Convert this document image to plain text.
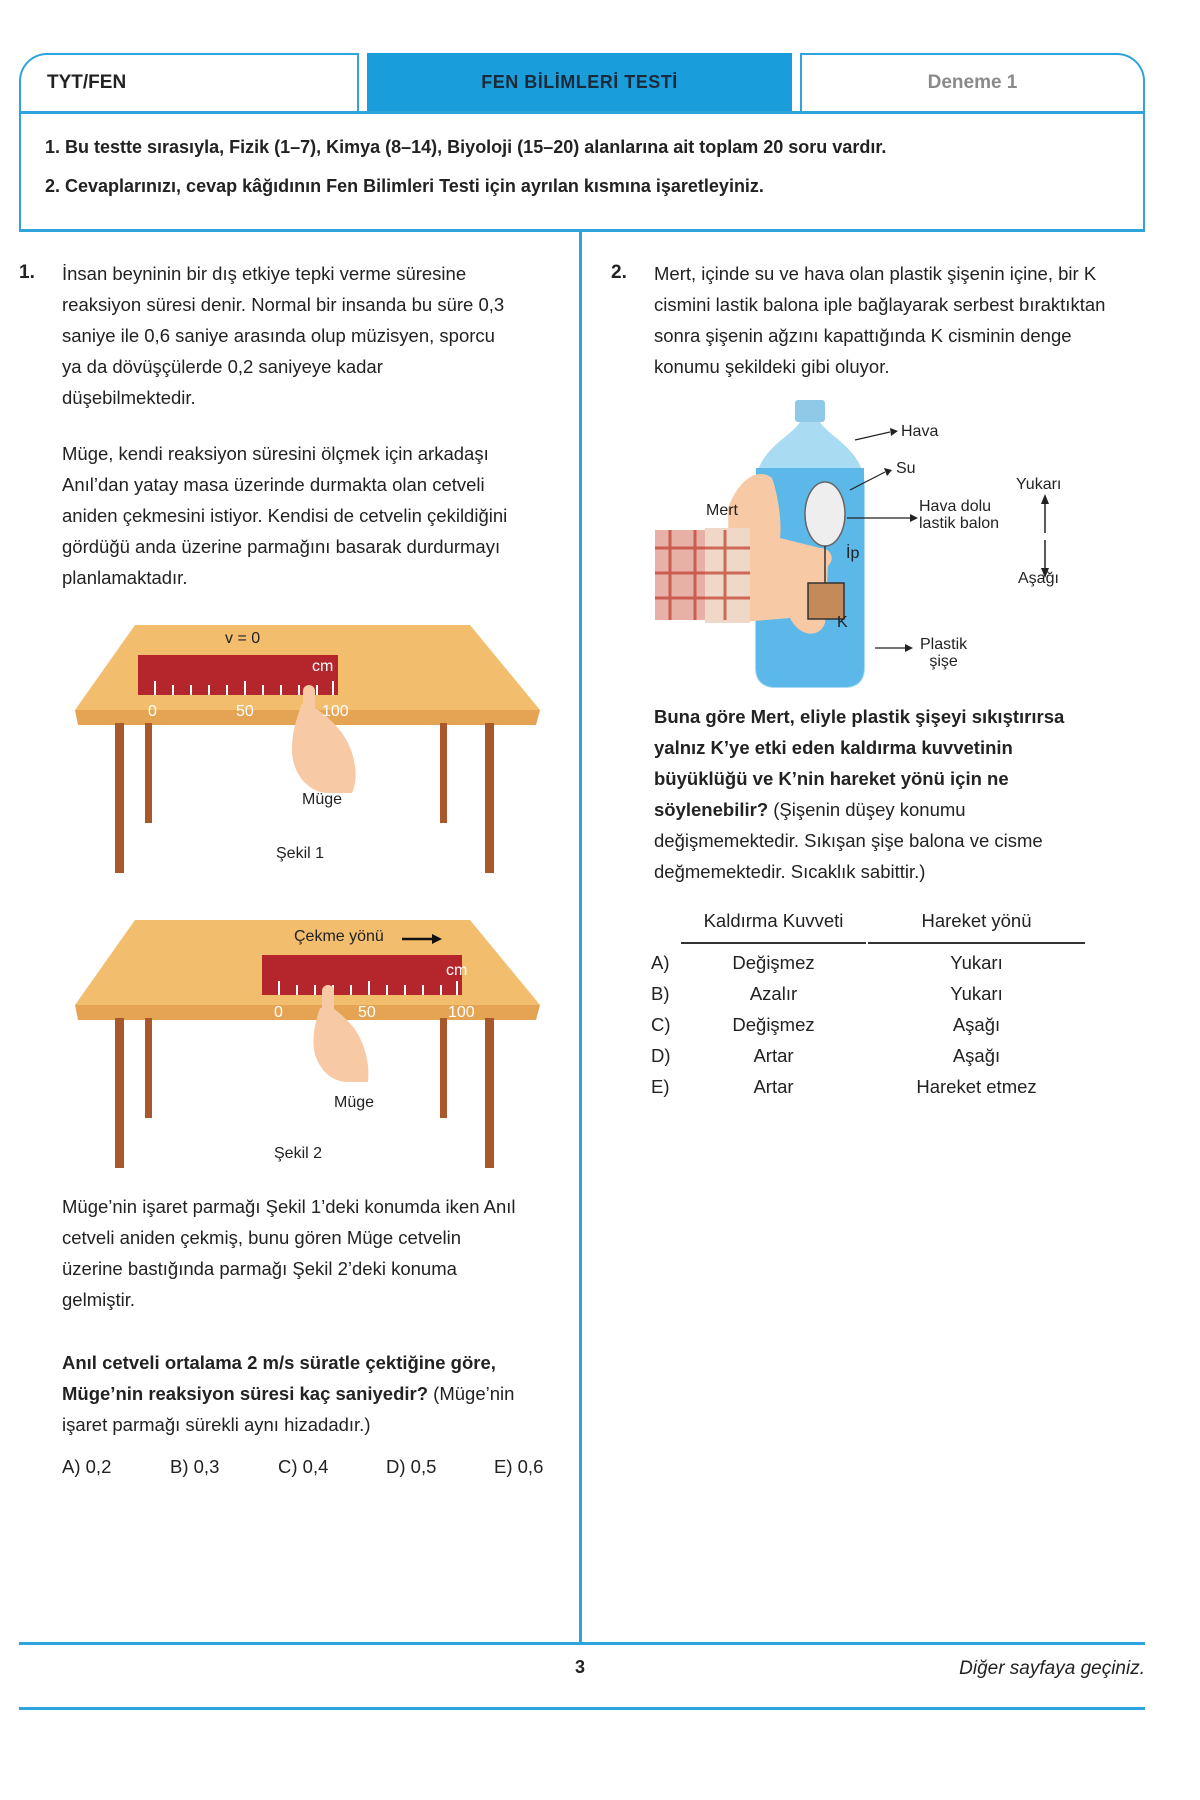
TYT/FEN	FEN BİLİMLERİ TESTİ	Deneme 1

1. Bu testte sırasıyla, Fizik (1–7), Kimya (8–14), Biyoloji (15–20) alanlarına ait toplam 20 soru vardır.

2. Cevaplarınızı, cevap kâğıdının Fen Bilimleri Testi için ayrılan kısmına işaretleyiniz.

1. İnsan beyninin bir dış etkiye tepki verme süresine
reaksiyon süresi denir. Normal bir insanda bu süre 0,3
saniye ile 0,6 saniye arasında olup müzisyen, sporcu
ya da dövüşçülerde 0,2 saniyeye kadar
düşebilmektedir.
Müge, kendi reaksiyon süresini ölçmek için arkadaşı
Anıl’dan yatay masa üzerinde durmakta olan cetveli
aniden çekmesini istiyor. Kendisi de cetvelin çekildiğini
gördüğü anda üzerine parmağını basarak durdurmayı
planlamaktadır.
v = 0
cm
0	50	100
Müge
Şekil 1
Çekme yönü
cm
0	50	100
Müge
Şekil 2
Müge’nin işaret parmağı Şekil 1’deki konumda iken Anıl
cetveli aniden çekmiş, bunu gören Müge cetvelin
üzerine bastığında parmağı Şekil 2’deki konuma
gelmiştir.
Anıl cetveli ortalama 2 m/s süratle çektiğine göre,
Müge’nin reaksiyon süresi kaç saniyedir? (Müge’nin
işaret parmağı sürekli aynı hizadadır.)
A) 0,2	B) 0,3	C) 0,4	D) 0,5	E) 0,6
2. Mert, içinde su ve hava olan plastik şişenin içine, bir K
cismini lastik balona iple bağlayarak serbest bıraktıktan
sonra şişenin ağzını kapattığında K cisminin denge
konumu şekildeki gibi oluyor.
Hava
Su
Mert	Hava dolu
lastik balon
İp
K
Plastik
şişe
Yukarı
Aşağı
Buna göre Mert, eliyle plastik şişeyi sıkıştırırsa
yalnız K’ye etki eden kaldırma kuvvetinin
büyüklüğü ve K’nin hareket yönü için ne
söylenebilir? (Şişenin düşey konumu
değişmemektedir. Sıkışan şişe balona ve cisme
değmemektedir. Sıcaklık sabittir.)
Kaldırma Kuvveti	Hareket yönü
A)	Değişmez	Yukarı
B)	Azalır	Yukarı
C)	Değişmez	Aşağı
D)	Artar	Aşağı
E)	Artar	Hareket etmez
3	Diğer sayfaya geçiniz.
